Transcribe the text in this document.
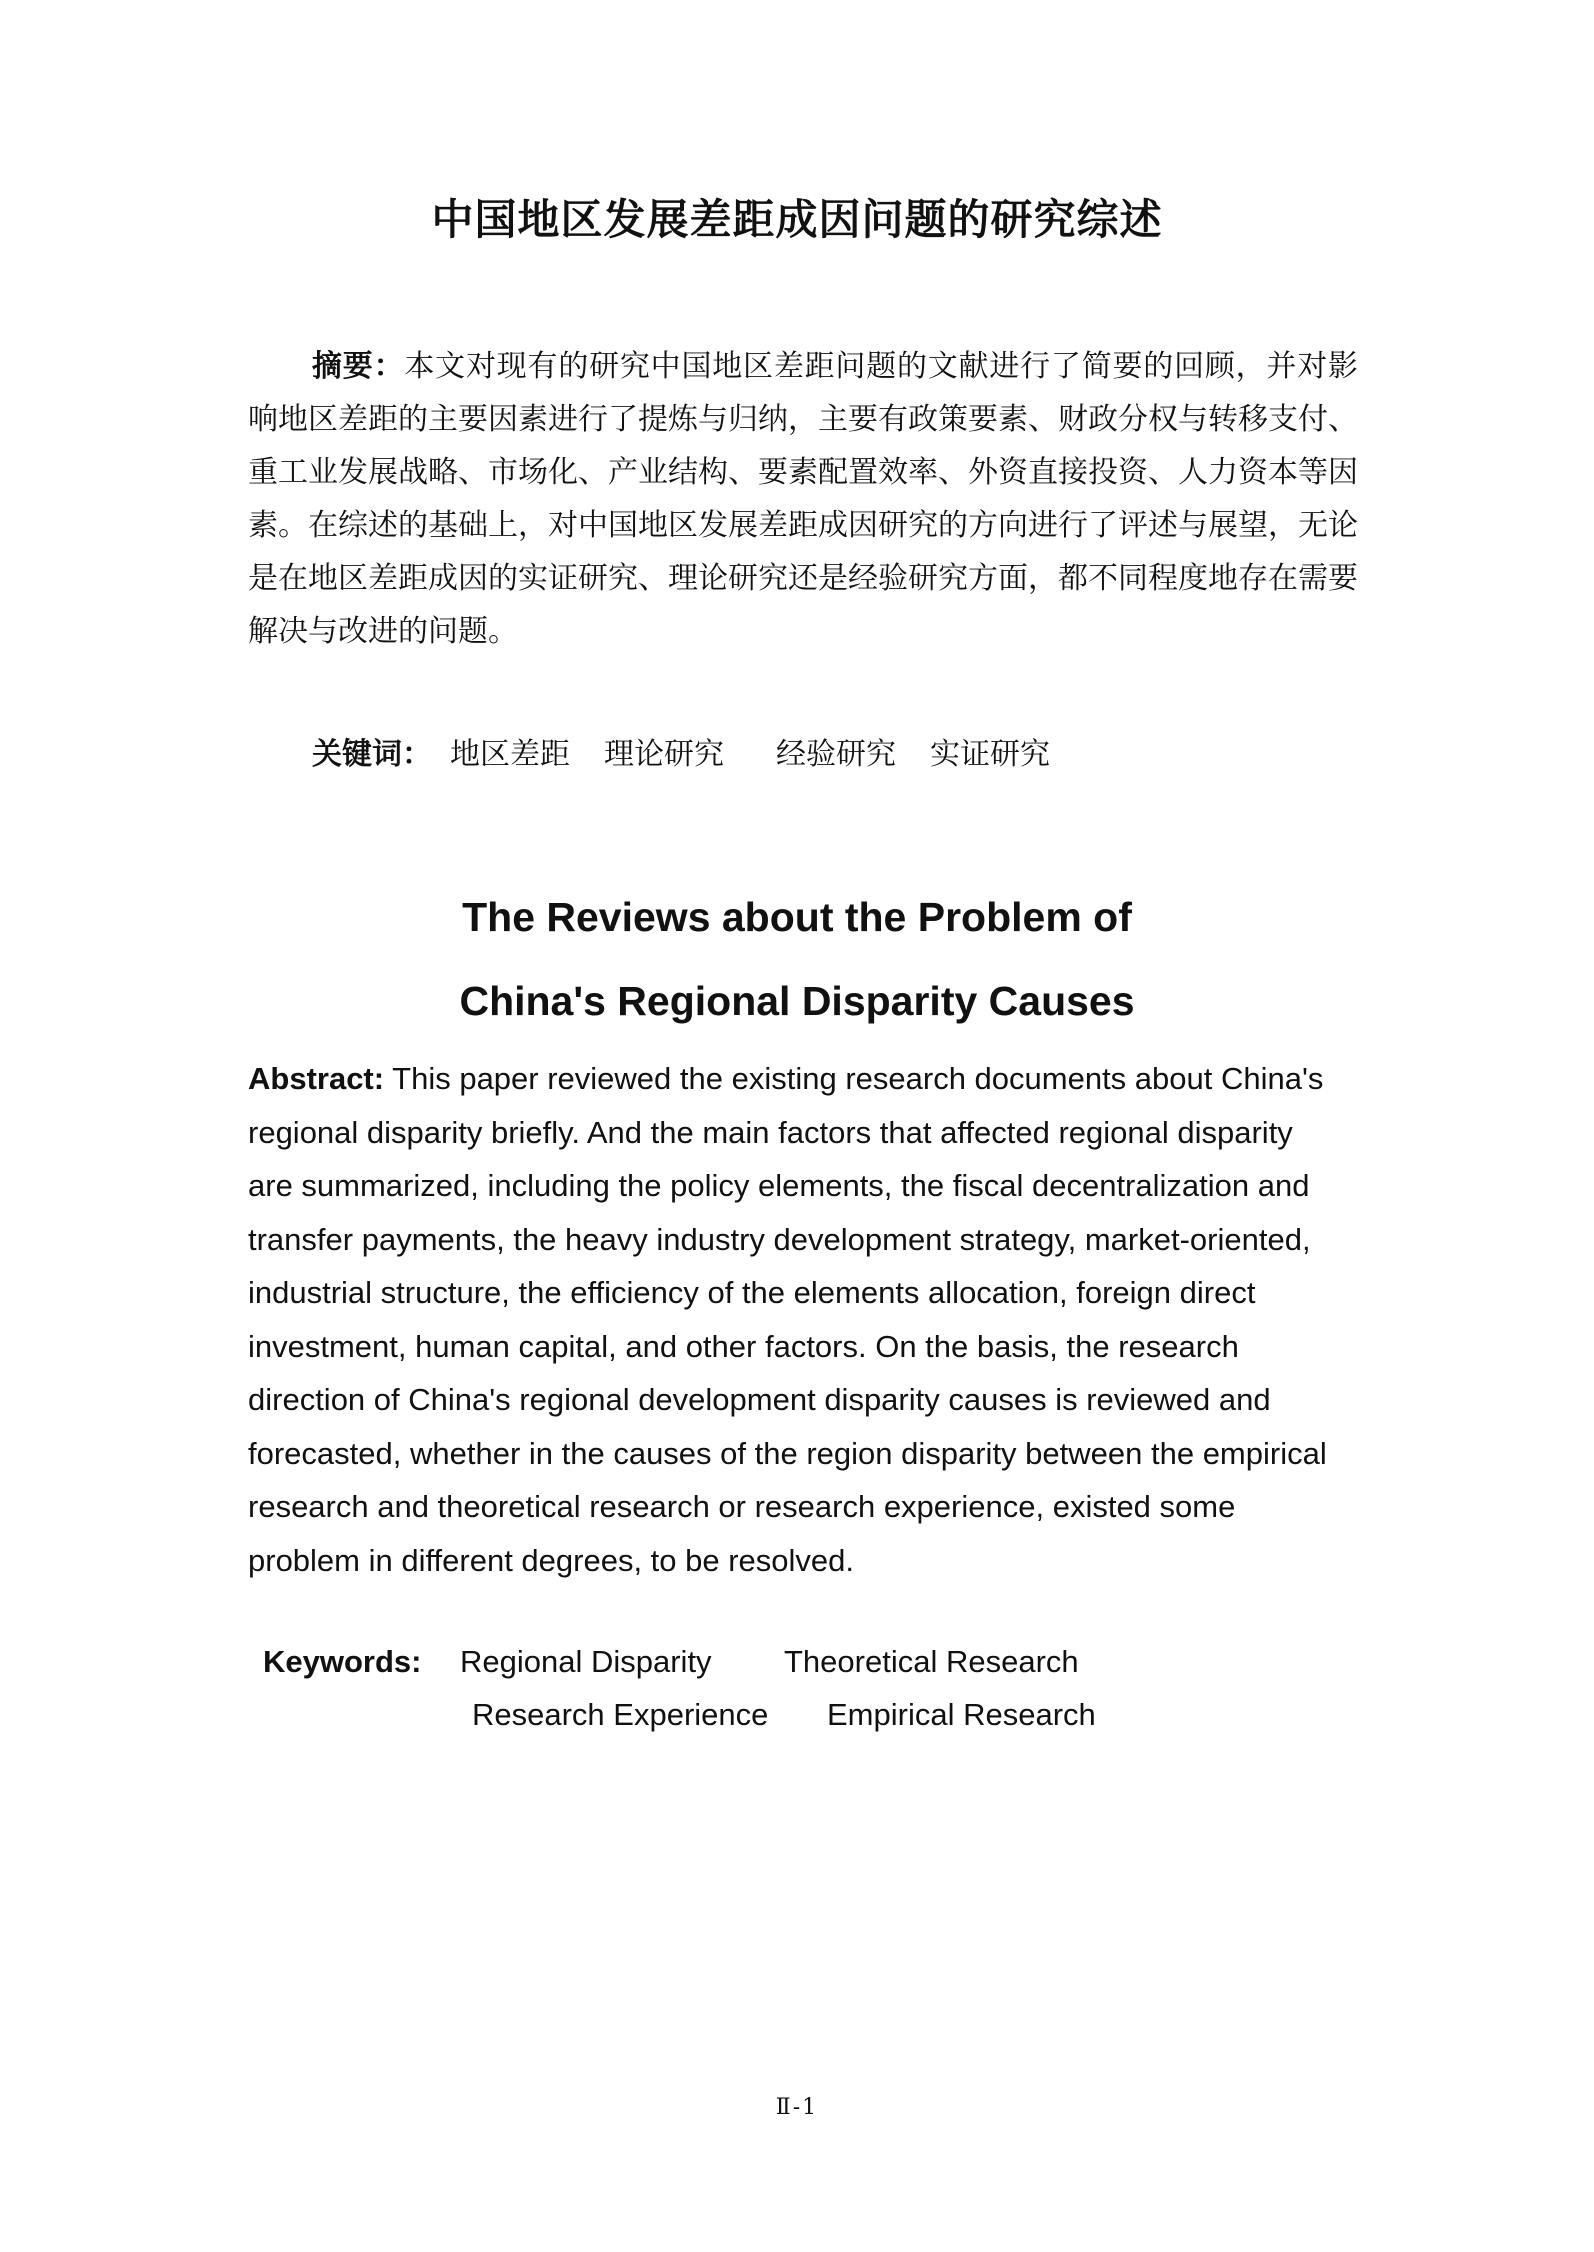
中国地区发展差距成因问题的研究综述
摘要：本文对现有的研究中国地区差距问题的文献进行了简要的回顾，并对影响地区差距的主要因素进行了提炼与归纳，主要有政策要素、财政分权与转移支付、重工业发展战略、市场化、产业结构、要素配置效率、外资直接投资、人力资本等因素。在综述的基础上，对中国地区发展差距成因研究的方向进行了评述与展望，无论是在地区差距成因的实证研究、理论研究还是经验研究方面，都不同程度地存在需要解决与改进的问题。
关键词： 地区差距 理论研究 经验研究 实证研究
The Reviews about the Problem of
China's Regional Disparity Causes
Abstract: This paper reviewed the existing research documents about China's
regional disparity briefly. And the main factors that affected regional disparity
are summarized, including the policy elements, the fiscal decentralization and
transfer payments, the heavy industry development strategy, market-oriented,
industrial structure, the efficiency of the elements allocation, foreign direct
investment, human capital, and other factors. On the basis, the research
direction of China's regional development disparity causes is reviewed and
forecasted, whether in the causes of the region disparity between the empirical
research and theoretical research or research experience, existed some
problem in different degrees, to be resolved.
Keywords: Regional Disparity Theoretical Research
Research Experience Empirical Research
Ⅱ-1
